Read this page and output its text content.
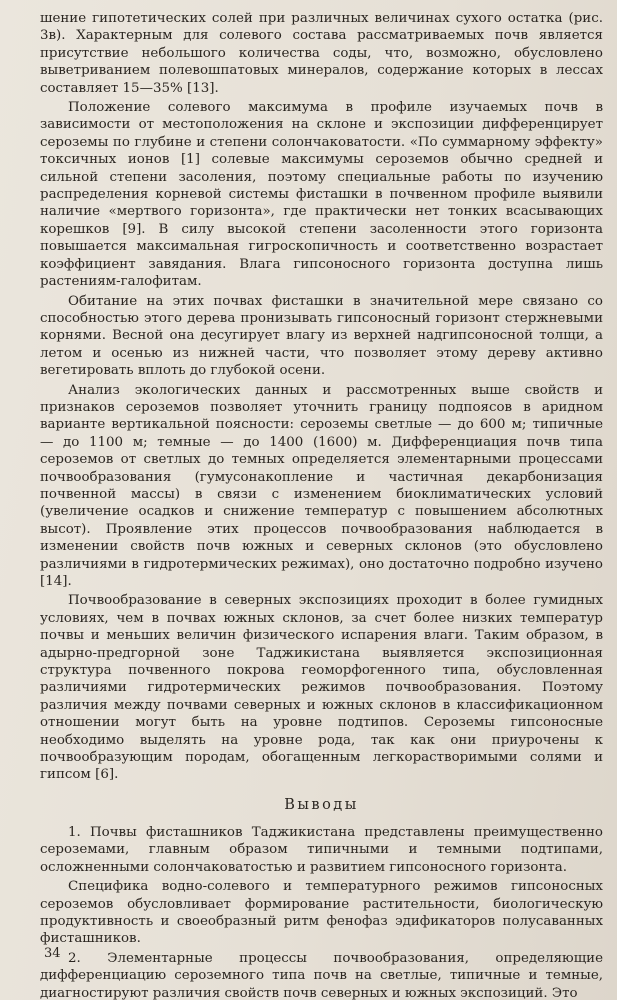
шение гипотетических солей при различных величинах сухого остатка (рис. 3в). Характерным для солевого состава рассматриваемых почв является присутствие небольшого количества соды, что, возможно, обусловлено выветриванием полевошпатовых минералов, содержание которых в лессах составляет 15—35% [13].

Положение солевого максимума в профиле изучаемых почв в зависимости от местоположения на склоне и экспозиции дифференцирует сероземы по глубине и степени солончаковатости. «По суммарному эффекту» токсичных ионов [1] солевые максимумы сероземов обычно средней и сильной степени засоления, поэтому специальные работы по изучению распределения корневой системы фисташки в почвенном профиле выявили наличие «мертвого горизонта», где практически нет тонких всасывающих корешков [9]. В силу высокой степени засоленности этого горизонта повышается максимальная гигроскопичность и соответственно возрастает коэффициент завядания. Влага гипсоносного горизонта доступна лишь растениям-галофитам.

Обитание на этих почвах фисташки в значительной мере связано со способностью этого дерева пронизывать гипсоносный горизонт стержневыми корнями. Весной она десугирует влагу из верхней надгипсоносной толщи, а летом и осенью из нижней части, что позволяет этому дереву активно вегетировать вплоть до глубокой осени.

Анализ экологических данных и рассмотренных выше свойств и признаков сероземов позволяет уточнить границу подпоясов в аридном варианте вертикальной поясности: сероземы светлые — до 600 м; типичные — до 1100 м; темные — до 1400 (1600) м. Дифференциация почв типа сероземов от светлых до темных определяется элементарными процессами почвообразования (гумусонакопление и частичная декарбонизация почвенной массы) в связи с изменением биоклиматических условий (увеличение осадков и снижение температур с повышением абсолютных высот). Проявление этих процессов почвообразования наблюдается в изменении свойств почв южных и северных склонов (это обусловлено различиями в гидротермических режимах), оно достаточно подробно изучено [14].

Почвообразование в северных экспозициях проходит в более гумидных условиях, чем в почвах южных склонов, за счет более низких температур почвы и меньших величин физического испарения влаги. Таким образом, в адырно-предгорной зоне Таджикистана выявляется экспозиционная структура почвенного покрова геоморфогенного типа, обусловленная различиями гидротермических режимов почвообразования. Поэтому различия между почвами северных и южных склонов в классификационном отношении могут быть на уровне подтипов. Сероземы гипсоносные необходимо выделять на уровне рода, так как они приурочены к почвообразующим породам, обогащенным легкорастворимыми солями и гипсом [6].

Выводы

1. Почвы фисташников Таджикистана представлены преимущественно сероземами, главным образом типичными и темными подтипами, осложненными солончаковатостью и развитием гипсоносного горизонта.

Специфика водно-солевого и температурного режимов гипсоносных сероземов обусловливает формирование растительности, биологическую продуктивность и своеобразный ритм фенофаз эдификаторов полусаванных фисташников.

2. Элементарные процессы почвообразования, определяющие дифференциацию сероземного типа почв на светлые, типичные и темные, диагностируют различия свойств почв северных и южных экспозиций. Это

34
